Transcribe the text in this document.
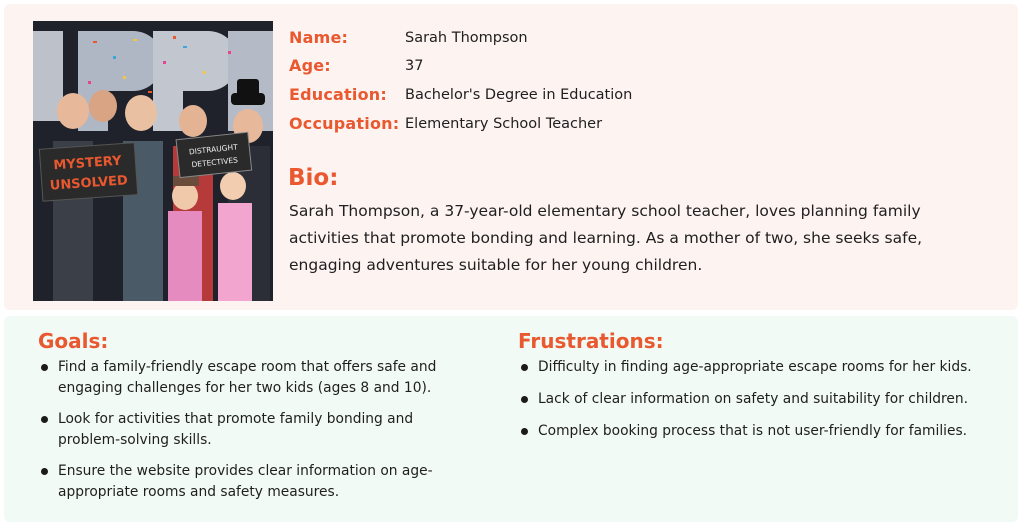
MYSTERY
UNSOLVED
DISTRAUGHT
DETECTIVES
Name:	Sarah Thompson
Age:	37
Education: Bachelor's Degree in Education
Occupation: Elementary School Teacher
Bio:
Sarah Thompson, a 37-year-old elementary school teacher, loves planning family activities that promote bonding and learning. As a mother of two, she seeks safe, engaging adventures suitable for her young children.
Goals:
Find a family-friendly escape room that offers safe and engaging challenges for her two kids (ages 8 and 10).
Look for activities that promote family bonding and problem-solving skills.
Ensure the website provides clear information on age-appropriate rooms and safety measures.
Frustrations:
Difficulty in finding age-appropriate escape rooms for her kids.
Lack of clear information on safety and suitability for children.
Complex booking process that is not user-friendly for families.
